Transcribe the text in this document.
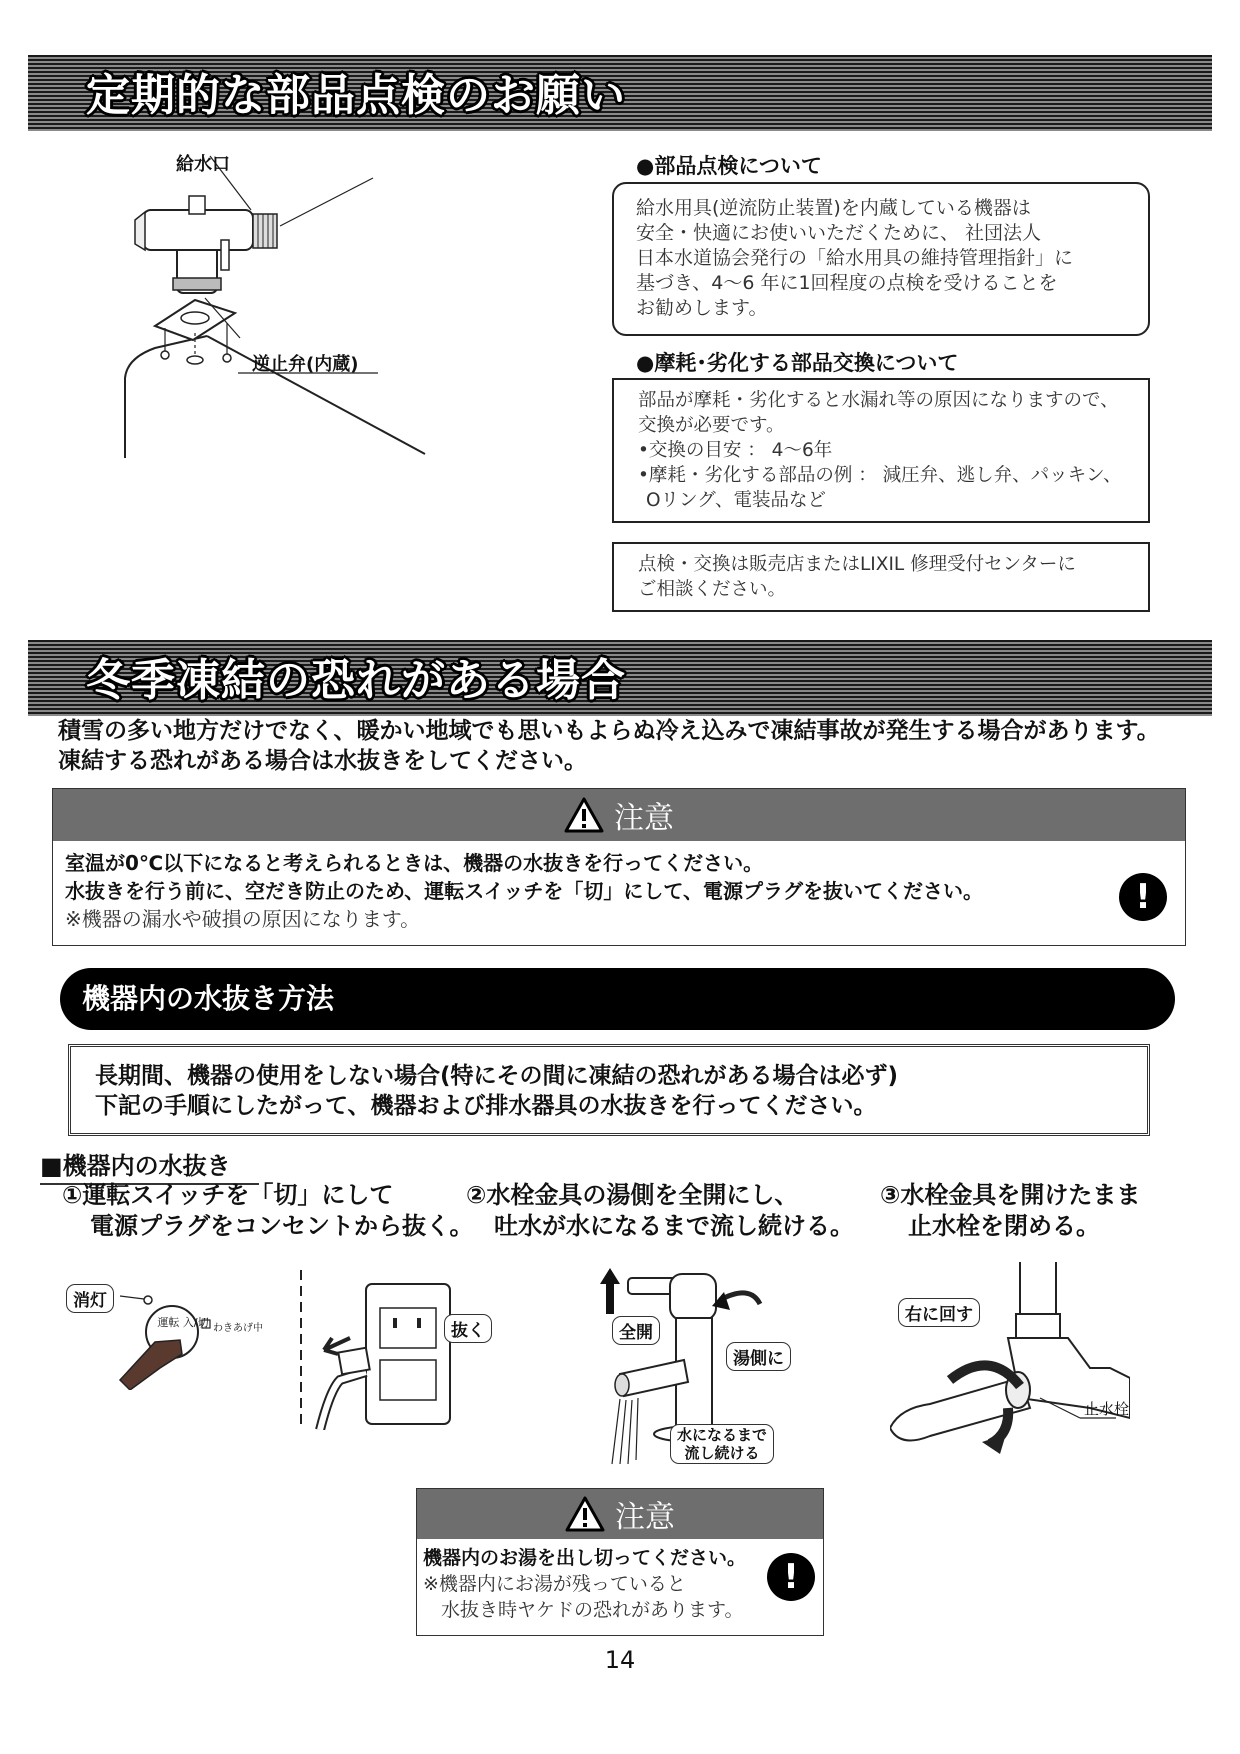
定期的な部品点検のお願い
給水口
逆止弁(内蔵)
●部品点検について
給水用具(逆流防止装置)を内蔵している機器は
安全・快適にお使いいただくために、 社団法人
日本水道協会発行の「給水用具の維持管理指針」に
基づき、4〜6 年に1回程度の点検を受けることを
お勧めします。
●摩耗･劣化する部品交換について
部品が摩耗・劣化すると水漏れ等の原因になりますので、
交換が必要です。
•交換の目安 ： 4〜6年
•摩耗・劣化する部品の例 ： 減圧弁、逃し弁、パッキン、
Oリング、電装品など
点検・交換は販売店またはLIXIL 修理受付センターに
ご相談ください。
冬季凍結の恐れがある場合
積雪の多い地方だけでなく、暖かい地域でも思いもよらぬ冷え込みで凍結事故が発生する場合があります。
凍結する恐れがある場合は水抜きをしてください。
注意
室温が0℃以下になると考えられるときは、機器の水抜きを行ってください。
水抜きを行う前に、空だき防止のため、運転スイッチを「切」にして、電源プラグを抜いてください。
※機器の漏水や破損の原因になります。
!
機器内の水抜き方法
長期間、機器の使用をしない場合(特にその間に凍結の恐れがある場合は必ず)
下記の手順にしたがって、機器および排水器具の水抜きを行ってください。
■機器内の水抜き
①運転スイッチを「切」にして
電源プラグをコンセントから抜く。
②水栓金具の湯側を全開にし、
吐水が水になるまで流し続ける。
③水栓金具を開けたまま
止水栓を閉める。
消灯
運転 入/切 わきあげ中	抜く	全開
湯側に
水になるまで
流し続ける
右に回す
止水栓
注意
機器内のお湯を出し切ってください。
※機器内にお湯が残っていると
水抜き時ヤケドの恐れがあります。
!
14
